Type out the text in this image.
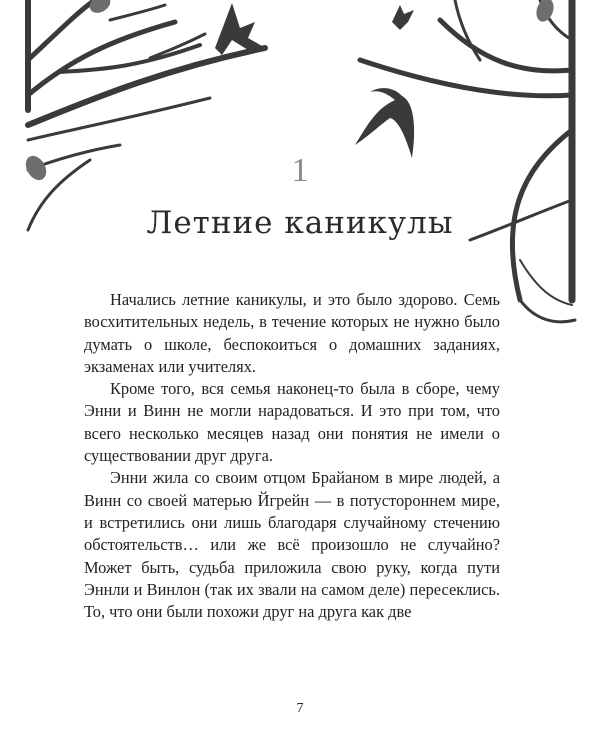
1
Летние каникулы

Начались летние каникулы, и это было здорово. Семь восхитительных недель, в течение которых не нужно было думать о школе, беспокоиться о домашних заданиях, экзаменах или учителях.

Кроме того, вся семья наконец-то была в сборе, чему Энни и Винн не могли нарадоваться. И это при том, что всего несколько месяцев назад они понятия не имели о существовании друг друга.

Энни жила со своим отцом Брайаном в мире людей, а Винн со своей матерью Йгрейн — в потустороннем мире, и встретились они лишь благодаря случайному стечению обстоятельств… или же всё произошло не случайно? Может быть, судьба приложила свою руку, когда пути Эннли и Винлон (так их звали на самом деле) пересеклись. То, что они были похожи друг на друга как две

7
